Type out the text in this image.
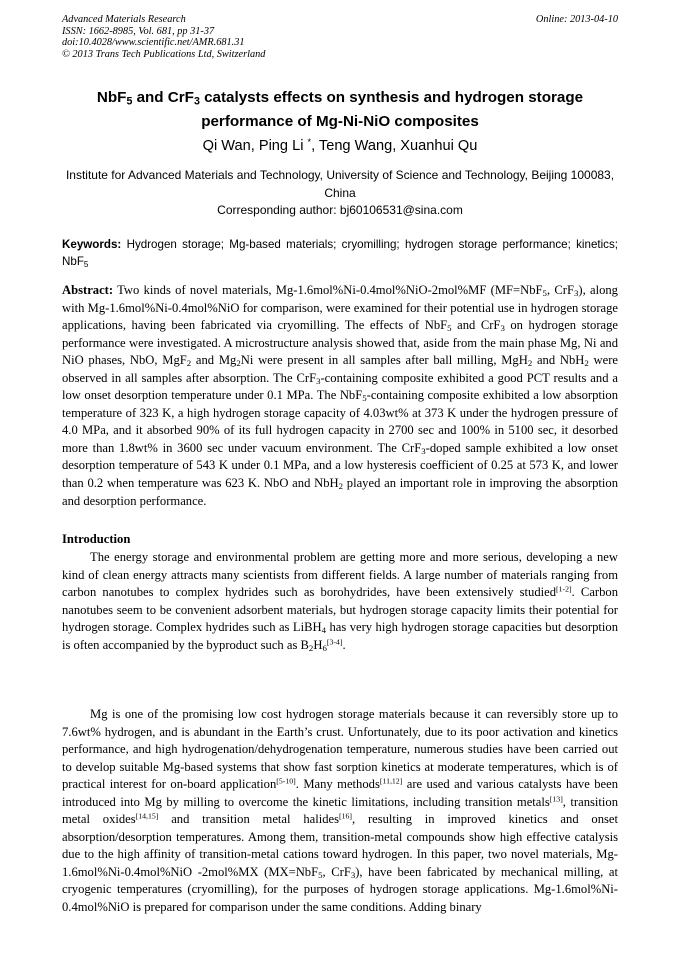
Advanced Materials Research
ISSN: 1662-8985, Vol. 681, pp 31-37
doi:10.4028/www.scientific.net/AMR.681.31
© 2013 Trans Tech Publications Ltd, Switzerland
Online: 2013-04-10
NbF$_5$ and CrF$_3$ catalysts effects on synthesis and hydrogen storage performance of Mg-Ni-NiO composites
Qi Wan, Ping Li *, Teng Wang, Xuanhui Qu
Institute for Advanced Materials and Technology, University of Science and Technology, Beijing 100083, China
Corresponding author: bj60106531@sina.com
Keywords: Hydrogen storage; Mg-based materials; cryomilling; hydrogen storage performance; kinetics; NbF$_5$
Abstract: Two kinds of novel materials, Mg-1.6mol%Ni-0.4mol%NiO-2mol%MF (MF=NbF$_5$, CrF$_3$), along with Mg-1.6mol%Ni-0.4mol%NiO for comparison, were examined for their potential use in hydrogen storage applications, having been fabricated via cryomilling. The effects of NbF$_5$ and CrF$_3$ on hydrogen storage performance were investigated. A microstructure analysis showed that, aside from the main phase Mg, Ni and NiO phases, NbO, MgF$_2$ and $Mg_2Ni$ were present in all samples after ball milling, MgH$_2$ and NbH$_2$ were observed in all samples after absorption. The CrF$_3$-containing composite exhibited a good PCT results and a low onset desorption temperature under 0.1 MPa. The NbF$_5$-containing composite exhibited a low absorption temperature of 323 K, a high hydrogen storage capacity of 4.03wt% at 373 K under the hydrogen pressure of 4.0 MPa, and it absorbed 90% of its full hydrogen capacity in 2700 sec and 100% in 5100 sec, it desorbed more than 1.8wt% in 3600 sec under vacuum environment. The CrF$_3$-doped sample exhibited a low onset desorption temperature of 543 K under 0.1 MPa, and a low hysteresis coefficient of 0.25 at 573 K, and lower than 0.2 when temperature was 623 K. NbO and NbH$_2$ played an important role in improving the absorption and desorption performance.
Introduction
The energy storage and environmental problem are getting more and more serious, developing a new kind of clean energy attracts many scientists from different fields. A large number of materials ranging from carbon nanotubes to complex hydrides such as borohydrides, have been extensively studied[1-2]. Carbon nanotubes seem to be convenient adsorbent materials, but hydrogen storage capacity limits their potential for hydrogen storage. Complex hydrides such as LiBH$_4$ has very high hydrogen storage capacities but desorption is often accompanied by the byproduct such as $B_2H_6[3-4]$.
Mg is one of the promising low cost hydrogen storage materials because it can reversibly store up to 7.6wt% hydrogen, and is abundant in the Earth’s crust. Unfortunately, due to its poor activation and kinetics performance, and high hydrogenation/dehydrogenation temperature, numerous studies have been carried out to develop suitable Mg-based systems that show fast sorption kinetics at moderate temperatures, which is of practical interest for on-board application[5-10]. Many methods[11,12] are used and various catalysts have been introduced into Mg by milling to overcome the kinetic limitations, including transition metals[13], transition metal oxides[14,15] and transition metal halides[16], resulting in improved kinetics and onset absorption/desorption temperatures. Among them, transition-metal compounds show high effective catalysis due to the high affinity of transition-metal cations toward hydrogen. In this paper, two novel materials, Mg-1.6mol%Ni-0.4mol%NiO -2mol%MX (MX=NbF$_5$, CrF$_3$), have been fabricated by mechanical milling, at cryogenic temperatures (cryomilling), for the purposes of hydrogen storage applications. Mg-1.6mol%Ni-0.4mol%NiO is prepared for comparison under the same conditions. Adding binary
